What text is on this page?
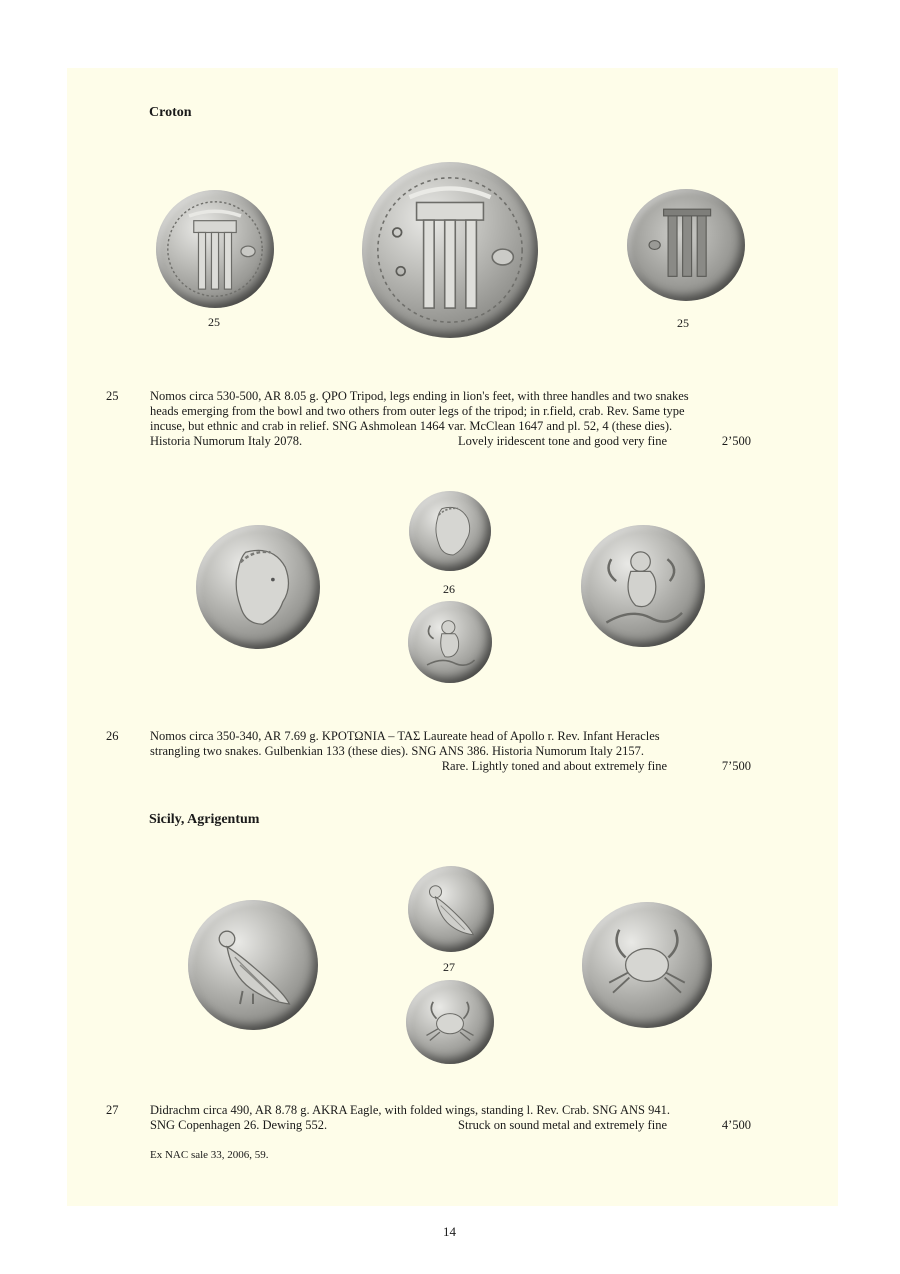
Croton
25	25
25	Nomos circa 530-500, AR 8.05 g. ϘPO Tripod, legs ending in lion's feet, with three handles and two snakes
heads emerging from the bowl and two others from outer legs of the tripod; in r.field, crab. Rev. Same type
incuse, but ethnic and crab in relief. SNG Ashmolean 1464 var. McClean 1647 and pl. 52, 4 (these dies).
Historia Numorum Italy 2078.	Lovely iridescent tone and good very fine	2’500
26
26	Nomos circa 350-340, AR 7.69 g. ΚΡΟΤΩΝΙΑ – ΤΑΣ Laureate head of Apollo r. Rev. Infant Heracles
strangling two snakes. Gulbenkian 133 (these dies). SNG ANS 386. Historia Numorum Italy 2157.
Rare. Lightly toned and about extremely fine	7’500
Sicily, Agrigentum
27
27	Didrachm circa 490, AR 8.78 g. AKRA Eagle, with folded wings, standing l. Rev. Crab. SNG ANS 941.
SNG Copenhagen 26. Dewing 552.	Struck on sound metal and extremely fine	4’500
Ex NAC sale 33, 2006, 59.
14
